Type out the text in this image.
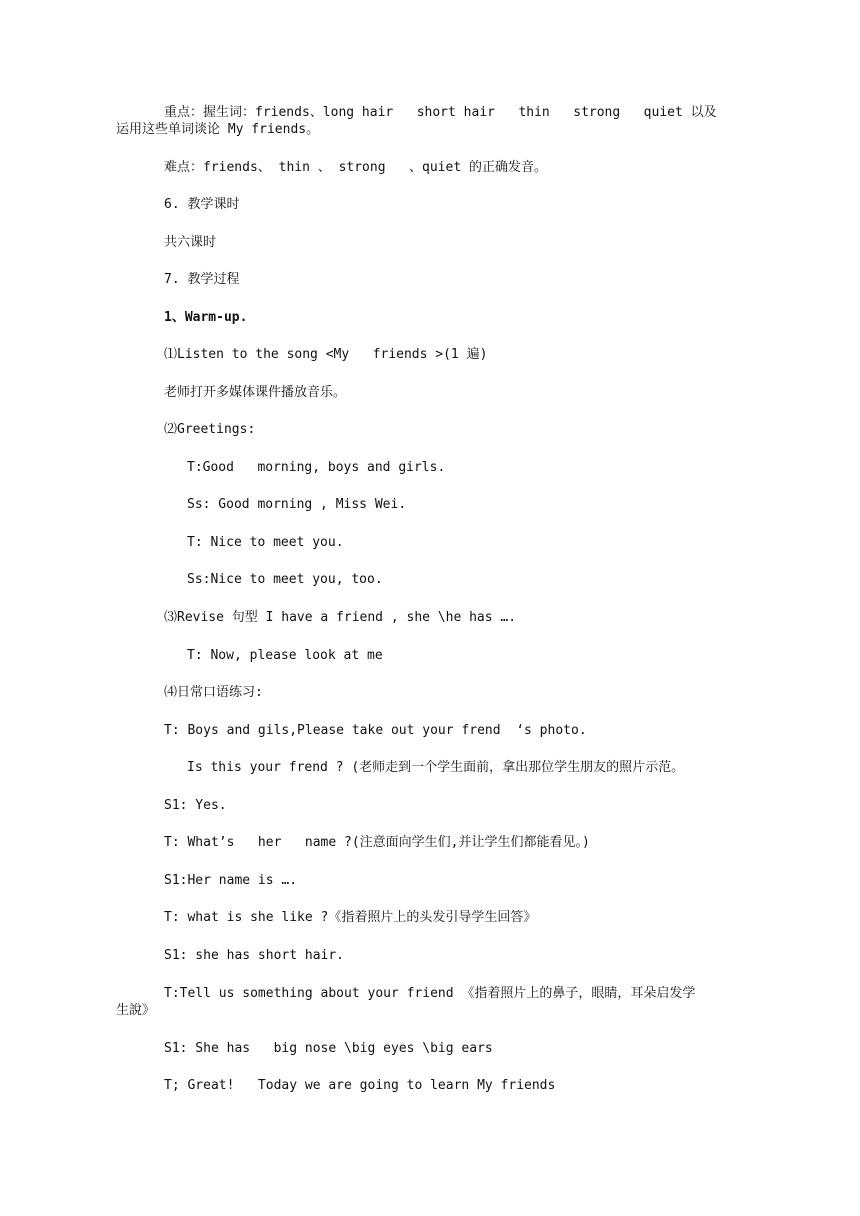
重点：握生词：friends、long hair   short hair   thin   strong   quiet 以及
运用这些单词谈论 My friends。

难点：friends、 thin 、 strong   、quiet 的正确发音。

6. 教学课时

共六课时

7. 教学过程

1、Warm-up.

⑴Listen to the song <My   friends >(1 遍)

老师打开多媒体课件播放音乐。

⑵Greetings:

T:Good   morning, boys and girls.

Ss: Good morning , Miss Wei.

T: Nice to meet you.

Ss:Nice to meet you, too.

⑶Revise 句型 I have a friend , she \he has ….

T: Now, please look at me

⑷日常口语练习:

T: Boys and gils,Please take out your frend  ‘s photo.

Is this your frend ? (老师走到一个学生面前，拿出那位学生朋友的照片示范。

S1: Yes.

T: What’s   her   name ?(注意面向学生们,并让学生们都能看见。)

S1:Her name is ….

T: what is she like ?《指着照片上的头发引导学生回答》

S1: she has short hair.

T:Tell us something about your friend 《指着照片上的鼻子，眼睛，耳朵启发学
生說》

S1: She has   big nose \big eyes \big ears

T; Great!   Today we are going to learn My friends
